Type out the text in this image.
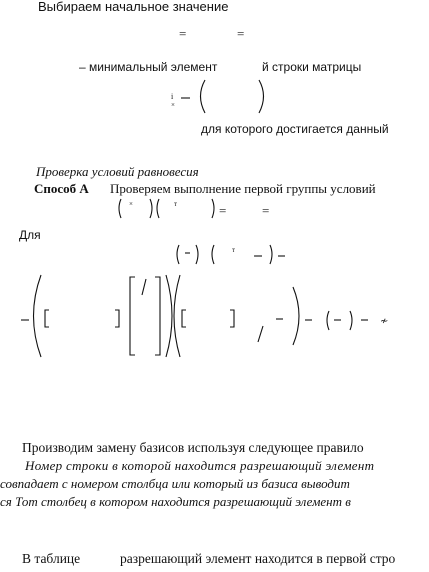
Выбираем начальное значение
=	=
– минимальный элемент	й строки матрицы
i
×
для которого достигается данный
Проверка условий равновесия
Способ А Проверяем выполнение первой группы условий
×	т	=	=
Для
т
≁
Производим замену базисов используя следующее правило
Номер строки в которой находится разрешающий элемент
совпадает с номером столбца или который из базиса выводит
ся Тот столбец в котором находится разрешающий элемент в
В таблице	разрешающий элемент находится в первой стро
